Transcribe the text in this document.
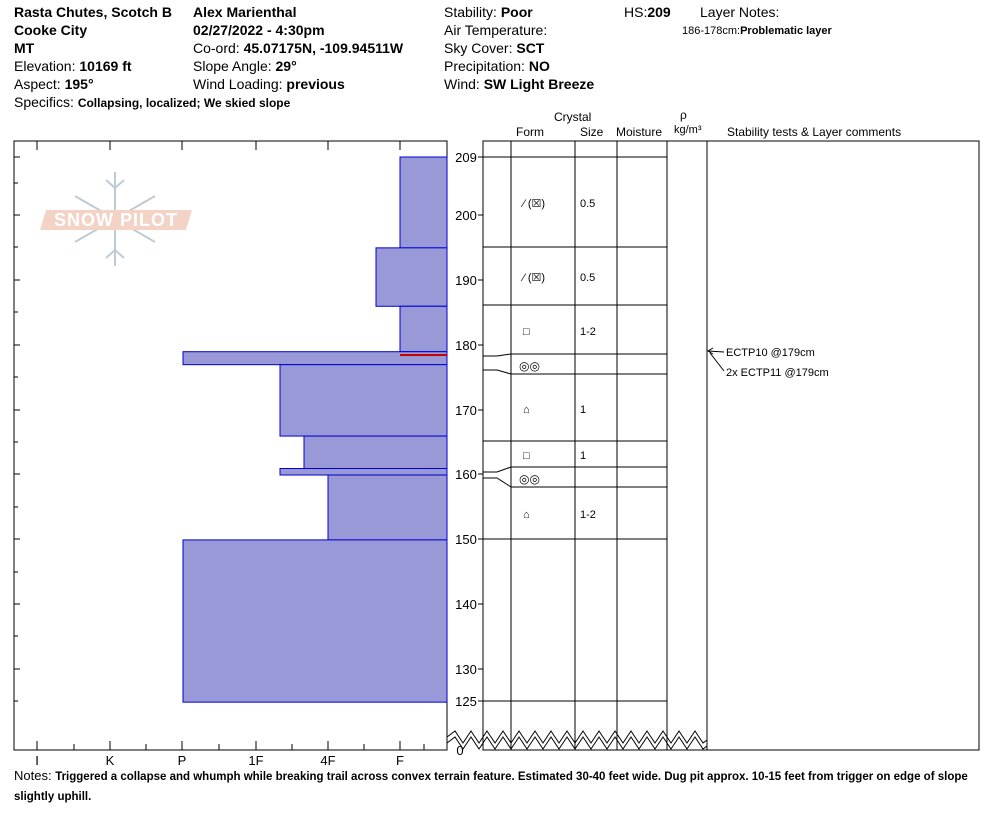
Rasta Chutes, Scotch B
Cooke City
MT
Elevation: 10169 ft
Aspect: 195°
Specifics: Collapsing, localized; We skied slope
Alex Marienthal
02/27/2022 - 4:30pm
Co-ord: 45.07175N, -109.94511W
Slope Angle: 29°
Wind Loading: previous
Stability: Poor
Air Temperature:
Sky Cover: SCT
Precipitation: NO
Wind: SW Light Breeze
HS:209 Layer Notes:
186-178cm:Problematic layer
Crystal
Form	Size Moisture
ρ
kg/m³ Stability tests & Layer comments
SNOW PILOT
I	K	P	1F	4F	F
209
200
190
180
170
160
150
140
130
125
0
⁄ (☒)	0.5
⁄ (☒)	0.5
□	1-2
◎◎
⌂	1
□	1
◎◎
⌂	1-2
ECTP10 @179cm
2x ECTP11 @179cm
Notes: Triggered a collapse and whumph while breaking trail across convex terrain feature. Estimated 30-40 feet wide. Dug pit approx. 10-15 feet from trigger on edge of slope slightly uphill.
